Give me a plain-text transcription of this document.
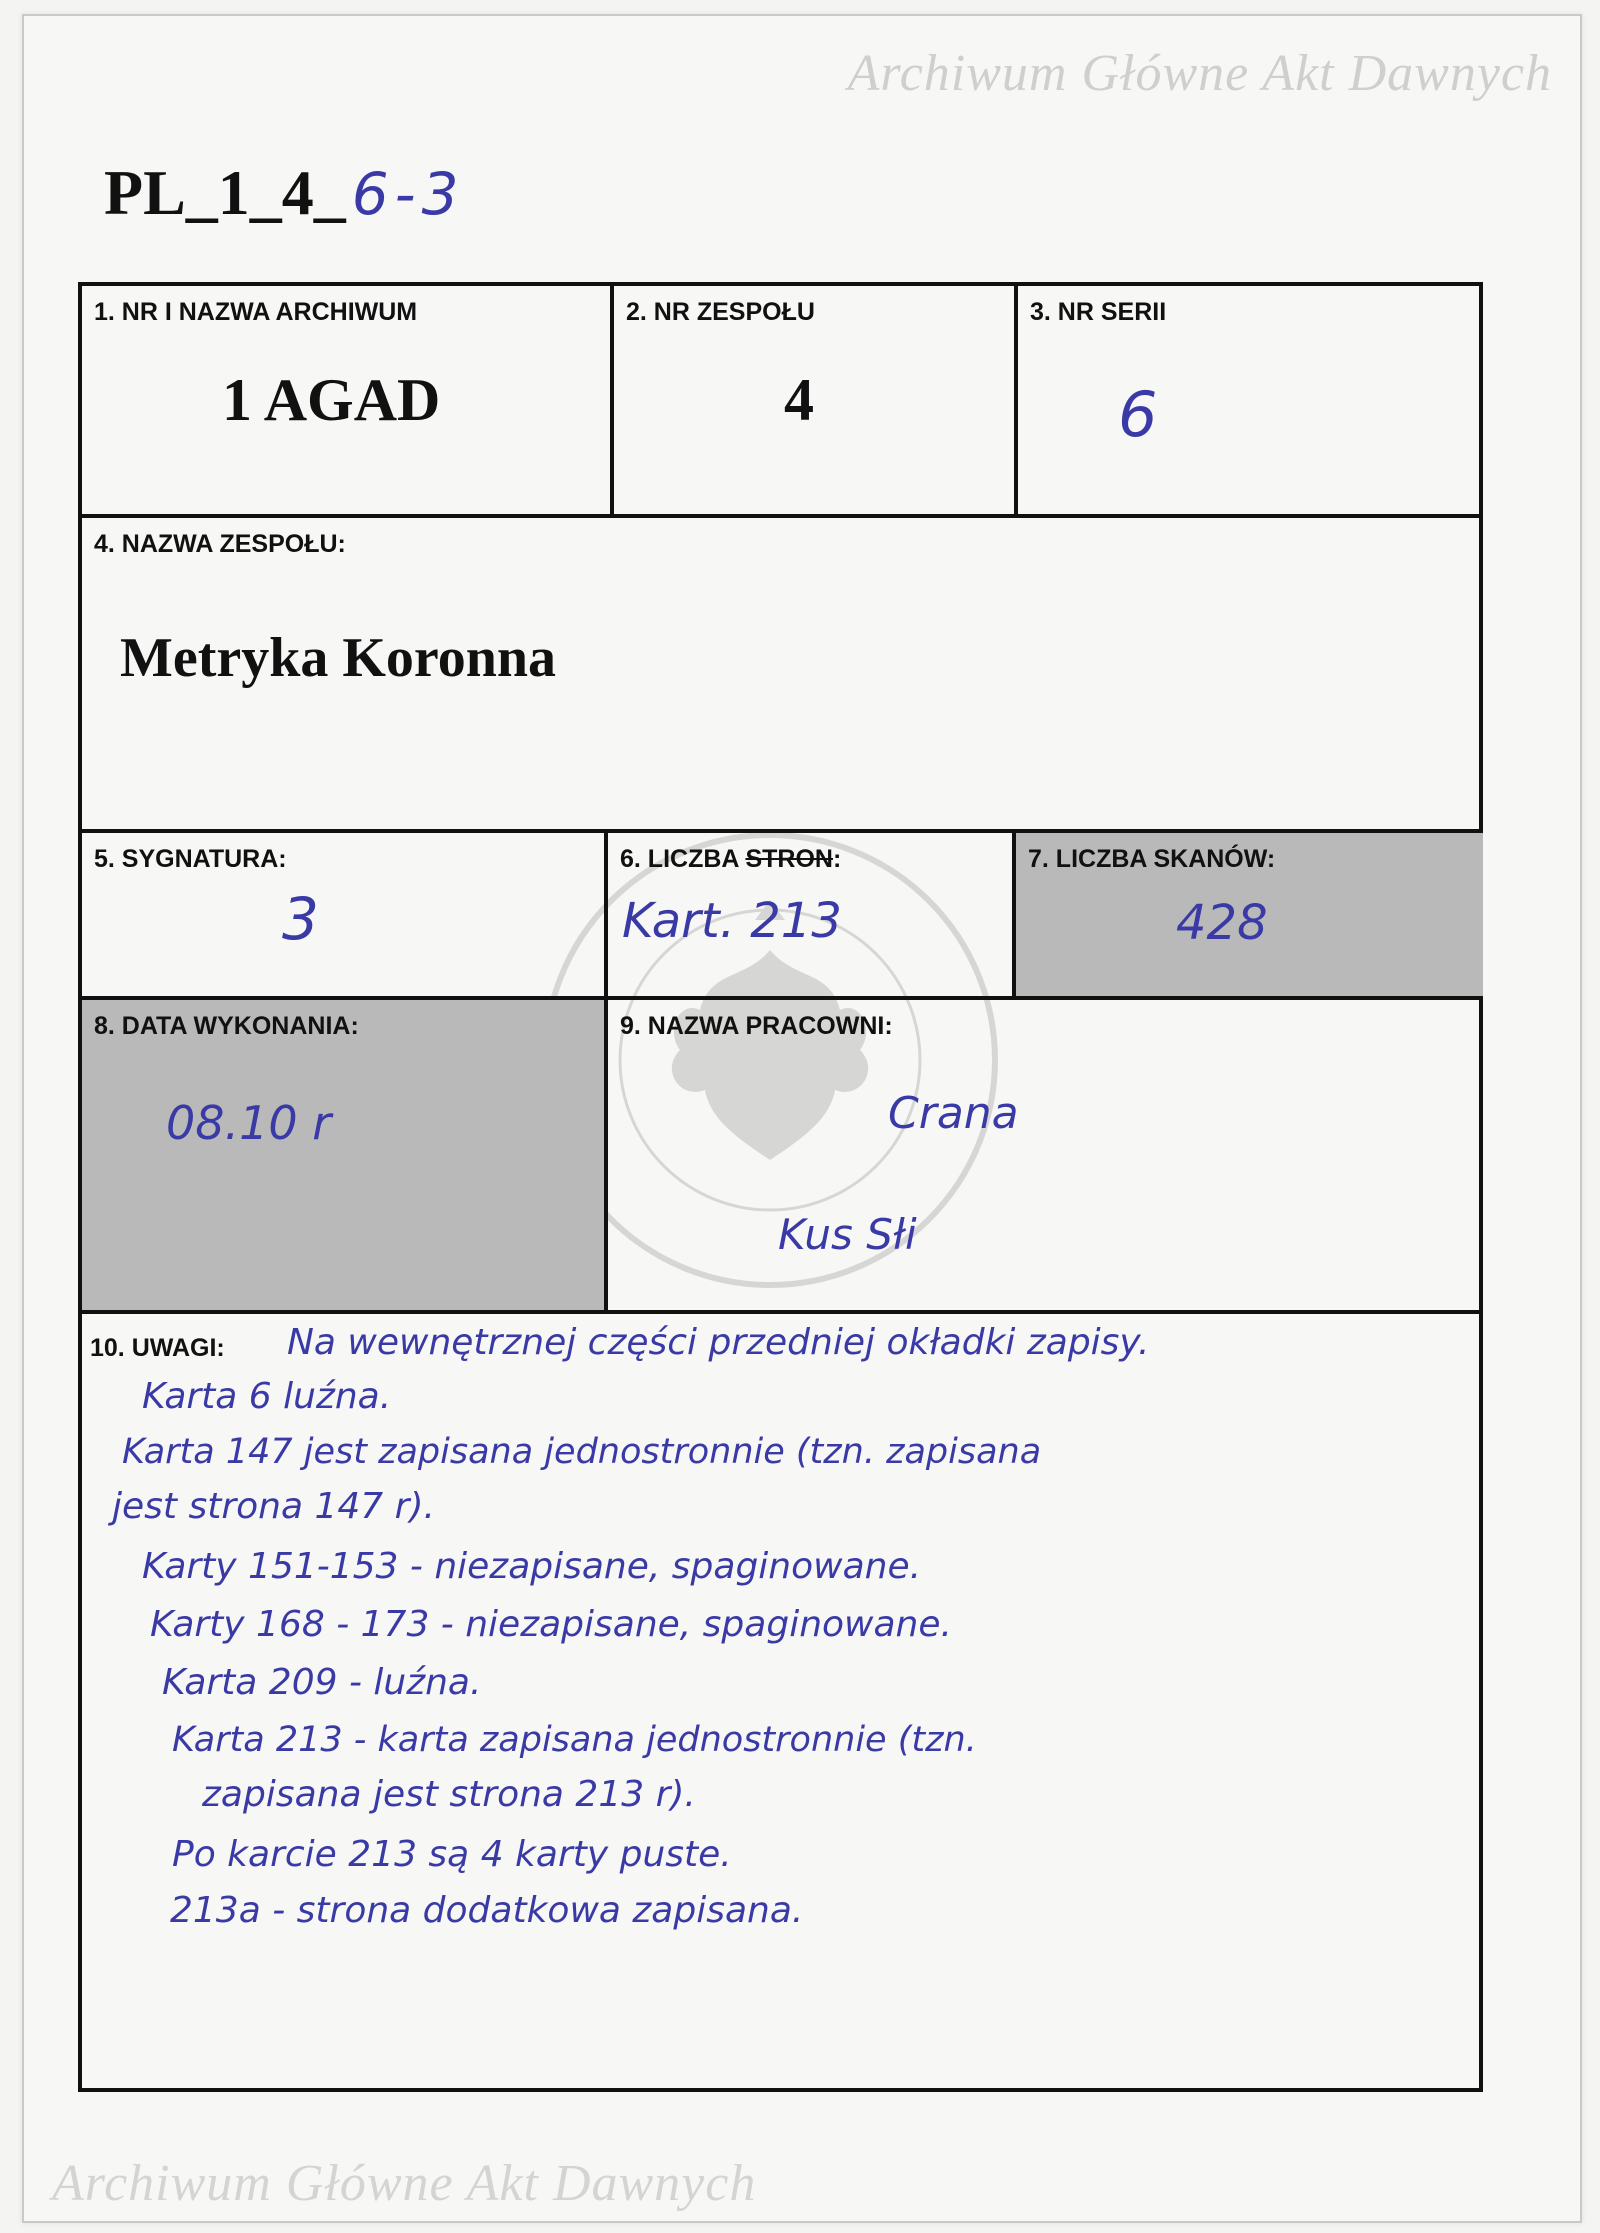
Archiwum Główne Akt Dawnych
Archiwum Główne Akt Dawnych
PL_1_4_ 6-3
1. NR I NAZWA ARCHIWUM
1 AGAD
2. NR ZESPOŁU
4
3. NR SERII
6
4. NAZWA ZESPOŁU:
Metryka Koronna
5. SYGNATURA:
3
6. LICZBA STRON:
Kart. 213
7. LICZBA SKANÓW:
428
8. DATA WYKONANIA:
08.10 r
9. NAZWA PRACOWNI:
Crana
Kus Słi
10. UWAGI: Na wewnętrznej części przedniej okładki zapisy.
Karta 6 luźna.
Karta 147 jest zapisana jednostronnie (tzn. zapisana
jest strona 147 r).
Karty 151-153 - niezapisane, spaginowane.
Karty 168 - 173 - niezapisane, spaginowane.
Karta 209 - luźna.
Karta 213 - karta zapisana jednostronnie (tzn.
zapisana jest strona 213 r).
Po karcie 213 są 4 karty puste.
213a - strona dodatkowa zapisana.
